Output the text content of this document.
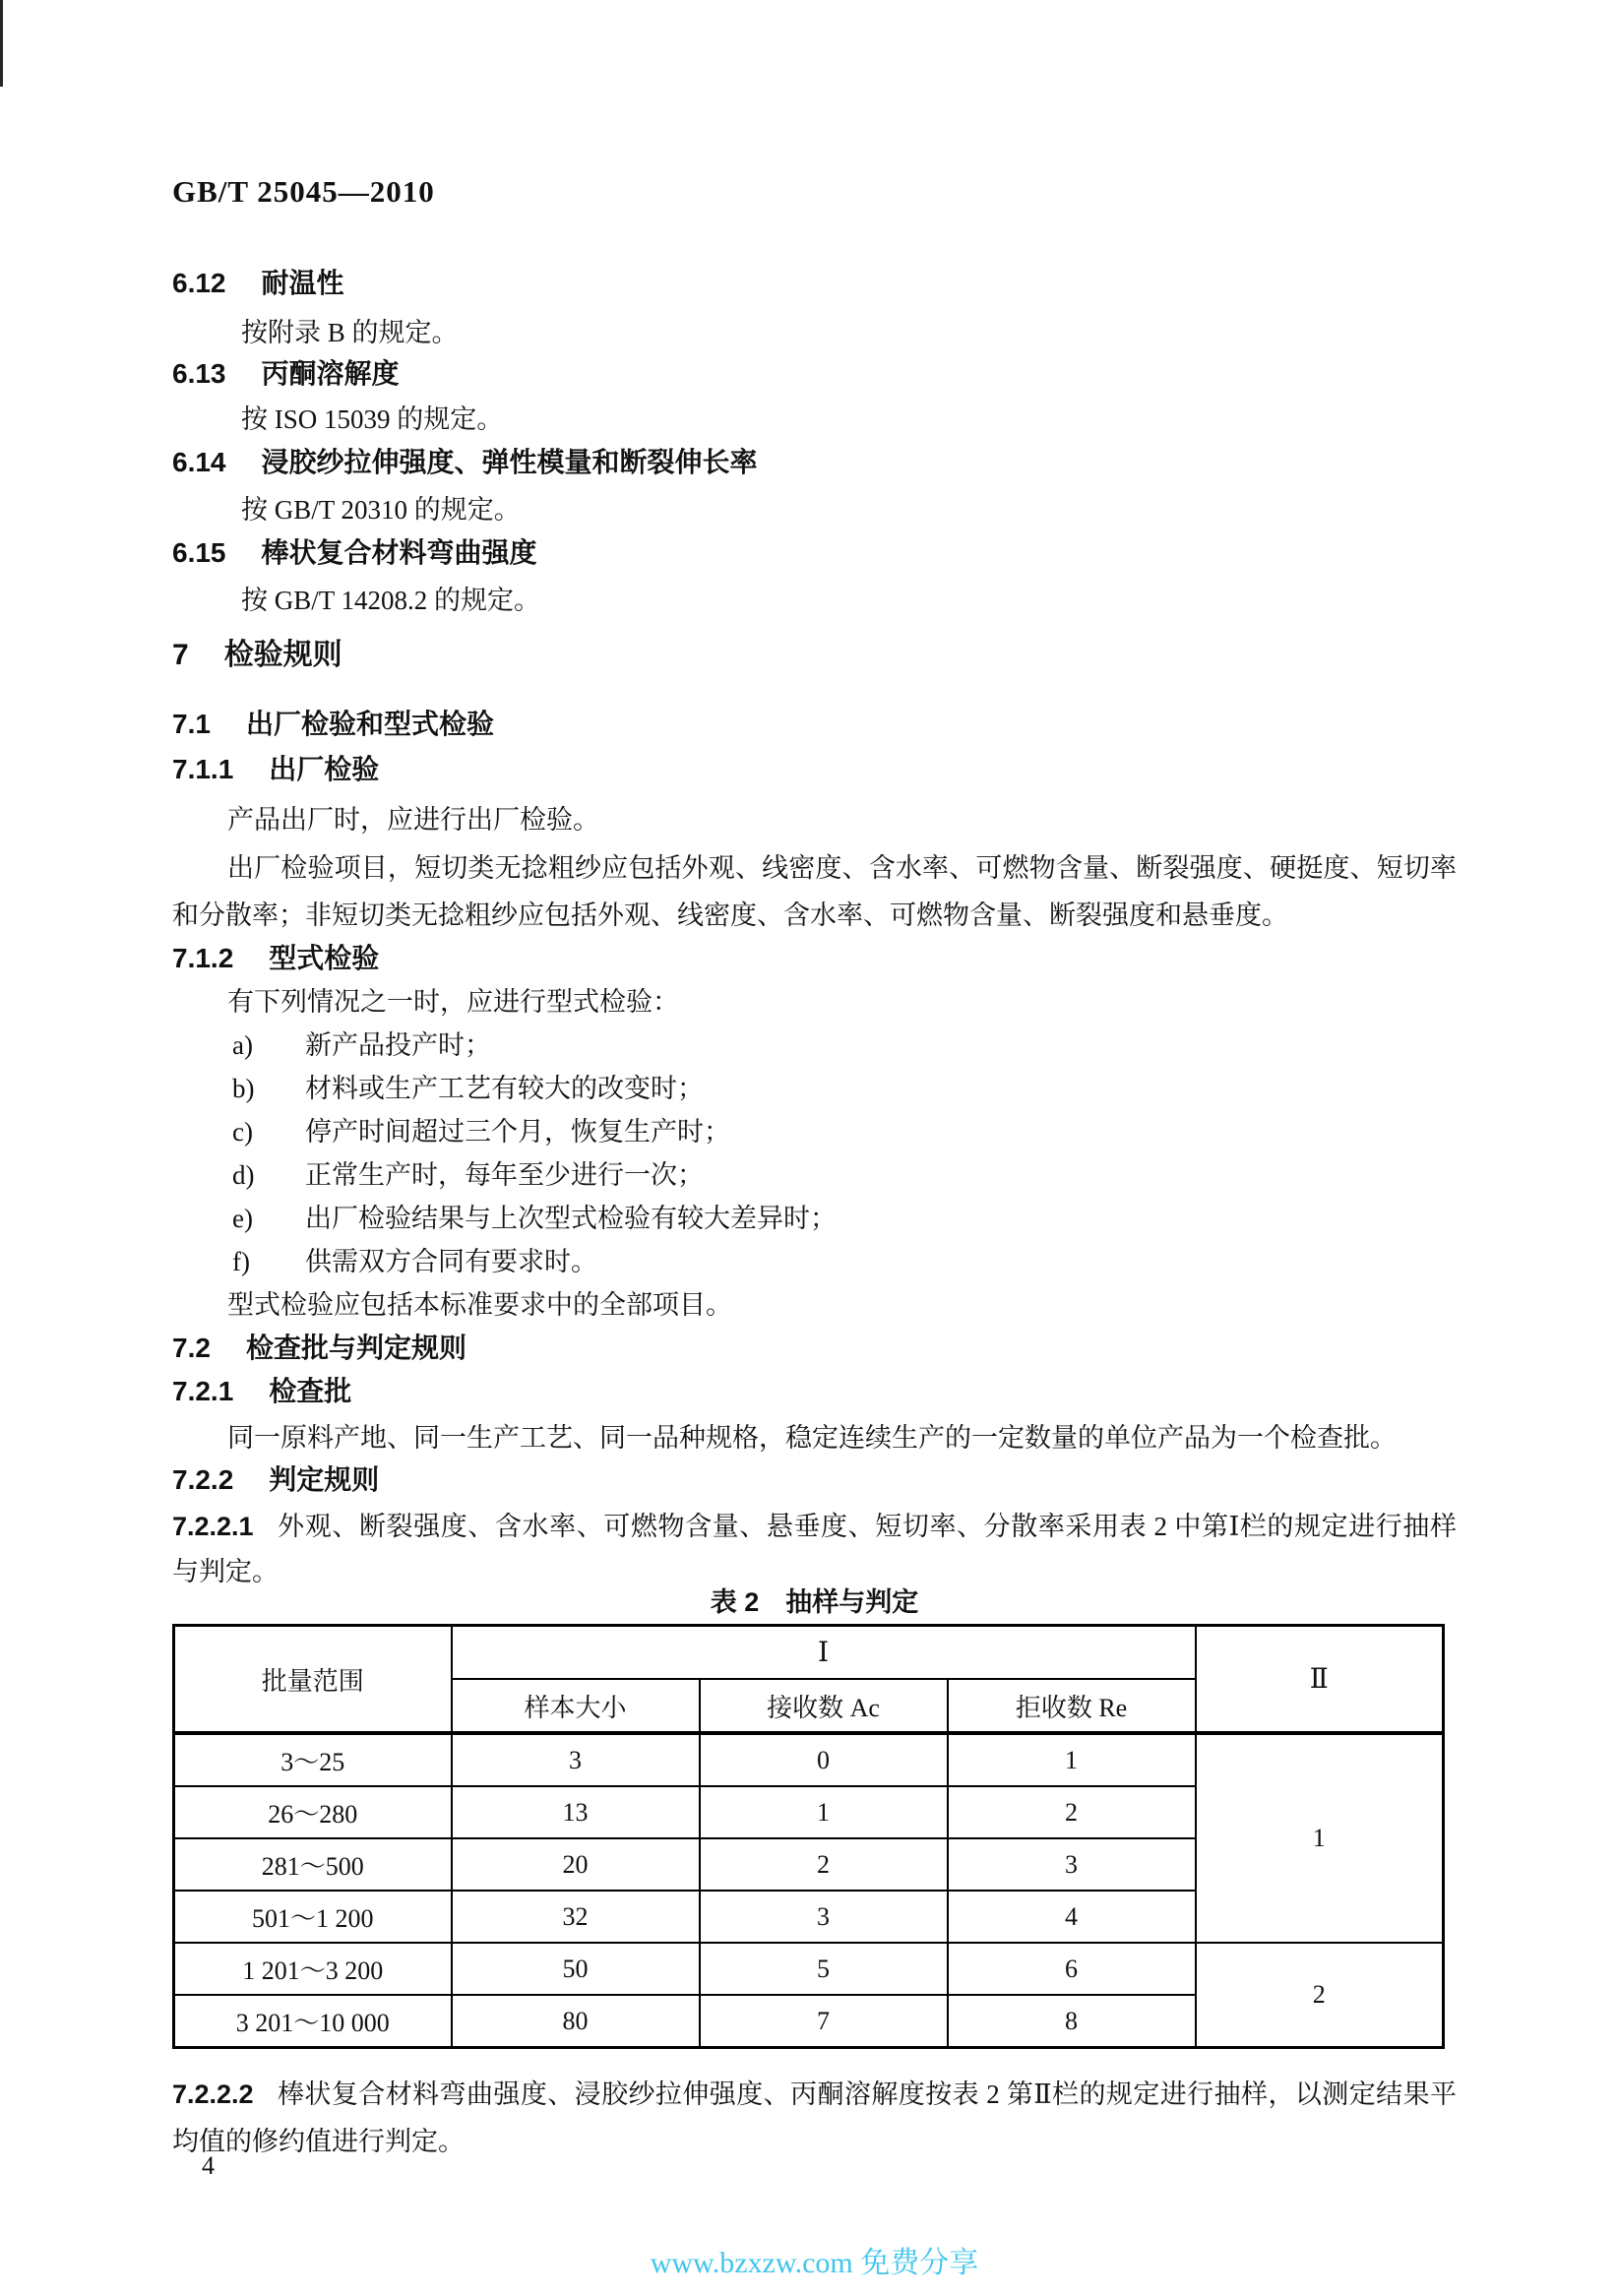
GB/T 25045—2010
6.12 耐温性

按附录 B 的规定。

6.13 丙酮溶解度

按 ISO 15039 的规定。

6.14 浸胶纱拉伸强度、弹性模量和断裂伸长率

按 GB/T 20310 的规定。

6.15 棒状复合材料弯曲强度

按 GB/T 14208.2 的规定。

7 检验规则
7.1 出厂检验和型式检验
7.1.1 出厂检验

产品出厂时，应进行出厂检验。

出厂检验项目，短切类无捻粗纱应包括外观、线密度、含水率、可燃物含量、断裂强度、硬挺度、短切率和分散率；非短切类无捻粗纱应包括外观、线密度、含水率、可燃物含量、断裂强度和悬垂度。

7.1.2 型式检验

有下列情况之一时，应进行型式检验：

a) 新产品投产时；
b) 材料或生产工艺有较大的改变时；
c) 停产时间超过三个月，恢复生产时；
d) 正常生产时，每年至少进行一次；
e) 出厂检验结果与上次型式检验有较大差异时；
f) 供需双方合同有要求时。

型式检验应包括本标准要求中的全部项目。

7.2 检查批与判定规则
7.2.1 检查批

同一原料产地、同一生产工艺、同一品种规格，稳定连续生产的一定数量的单位产品为一个检查批。

7.2.2 判定规则

7.2.2.1 外观、断裂强度、含水率、可燃物含量、悬垂度、短切率、分散率采用表 2 中第Ⅰ栏的规定进行抽样与判定。

表 2　抽样与判定
批量范围	Ⅰ			Ⅱ
	样本大小	接收数 Ac	拒收数 Re	
3～25	3	0	1	1
26～280	13	1	2	
281～500	20	2	3	
501～1 200	32	3	4	
1 201～3 200	50	5	6	2
3 201～10 000	80	7	8	

7.2.2.2 棒状复合材料弯曲强度、浸胶纱拉伸强度、丙酮溶解度按表 2 第Ⅱ栏的规定进行抽样，以测定结果平均值的修约值进行判定。

4
www.bzxzw.com 免费分享
